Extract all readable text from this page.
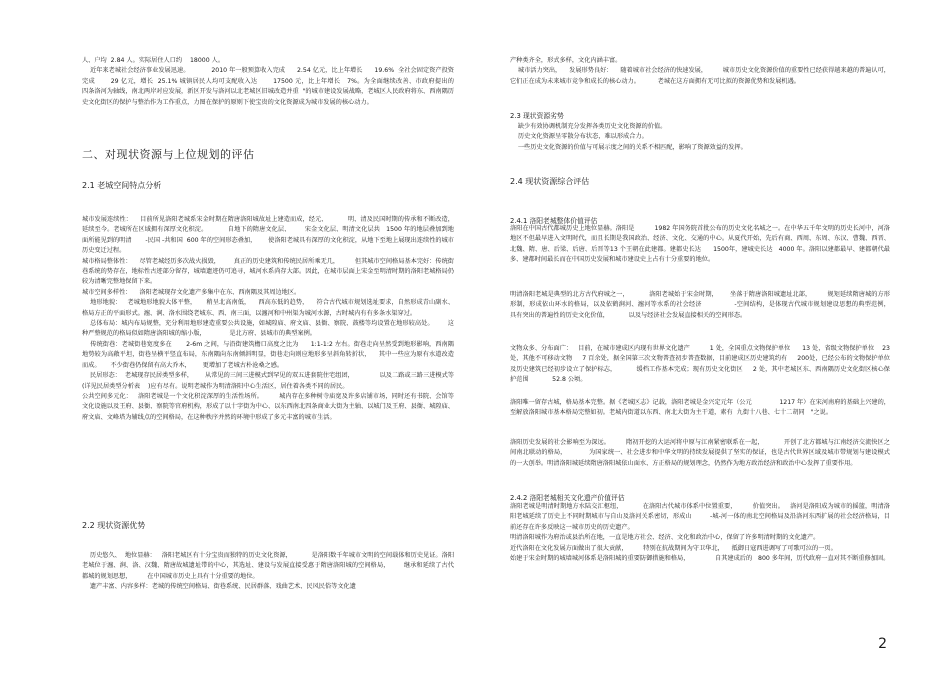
人、户均  2.84 人。实际居住人口约    18000 人。
近年来老城社会经济事业发展迅速。           2010 年一般预算收入完成      2.54 亿元，比上年增长      19.6%  全社会固定资产投资完成       29 亿元，增长  25.1% 城镇居民人均可支配收入达       17500 元，比上年增长   7%。为全面继续改善、市政府提出的          四条洛河为轴线，南北两岸对应发展，新区开发与洛河以北老城区旧城改造并重  "的城市建设发展战略，老城区人民政府将东、西南隅历史文化街区的保护与整治作为工作重点，力图在保护的原则下使宝贵的文化资源成为城市发展的核心动力。

二、对现状资源与上位规划的评估
2.1 老城空间特点分析

城市发展连续性：    目前所见洛阳老城系宋金时期在隋唐洛阳城故址上建造而成，经元、          明、清及民国时期的传承和不断改造，      延续至今。老城所在区域拥有深厚文化积淀。          自地下的隋唐文化层、       宋金文化层、明清文化层共   1500 年的地层叠加到地面所能见到的明清       -民国 -共和国  600 年的空间形态叠加，      使洛阳老城具有深厚的文化积淀，从地下至地上展现出连续性的城市历史变迁过程。
城市格局整体性：    尽管老城经历多次战火损毁，       真正的历史建筑和传统民居所乘无几，        但其城市空间格局基本完好：传统街巷系统的势存在，地标性古迹部分留存，城墙遗迹仍可追寻，城河水系尚存大部。因此，在城市层面上宋金至明清时期的洛阳老城格局仍较为清晰完整地保留下来。
城市空间多样性：    洛阳老城现存文化遗产多集中在东、西南隅及其周边地区。
地形地貌：   老城地形地貌大体平整，     稍呈北高南低，    西高东低的趋势，    符合古代城市规划选址要求，自然形成青山副水、格局方正的平面形式。瀍、涧、洛水围绕老城东、西、南三面，以瀍河和中州渠为城河水源，古时城内有有多条水渠穿过。
总体布局：城内布局规整，充分利用地形建造重要公共设施，如城隍庙、府文庙、县衙、察院、鼓楼等均设置在地形较高处。       这种严整规范的格局似如隋唐洛阳城的缩小版，            是北方府、县城市的典型案例。
传统街巷：老城街巷宽度多在       2-6m 之间，与沿街建筑檐口高度之比为      1:1-1:2 左右。街巷走向呈然受到地形影响，西南隅地势较为高敞平坦，街巷呈横平竖直布局，东南隅向东南倾斜明显，街巷走向则应地形多呈斜角转折状，    其中一些应为原有水道改造而成。     不少街巷仍保留有高大乔木，      更增加了老城古朴沧桑之感。
民居形态：  老城现存民居类型多样，      从常见的三间三进模式到罕见的双五进套院住宅组团，             以及二路或三路三进模式等    (详见民居类型分析表    )应有尽有。说明老城作为明清洛阳中心生活区，居住着各类不同的居民。
公共空间多元化：   洛阳老城是一个文化积淀深厚的生活性场所。        城内存在多种树寺庙宽及许多店铺市场，同时还有书院、会馆等文化设施以及王府、县衙、察院等官府机构，形成了以十字街为中心、以东西南北四条商业大街为主轴、以城门及王府、县衙、城隍庙、府文庙、文峰塔为辅线点的空间格局，在这种秩序并然的环境中形成了多元丰富的城市生活。

2.2 现状资源优势

历史悠久、  地位显赫：   洛阳老城区有十分宝贵而独特的历史文化资源，          是洛阳数千年城市文明的空间载体和历史见证。洛阳老城位于瀍、涧、洛、汉魏、隋唐故城遗址带的中心，其选址、建设与发展直接受惠于隋唐洛阳城的空间格局，       继承和延续了古代都城的规划思想，        在中国城市历史上具有十分重要的地位。
遗产丰富、内容多样：老城的传统空间格局、街巷系统、民居群落、戏曲艺术、民风民俗等文化遗

产种类齐全，形式多样，文化内涵丰富。
城市活力突出，    发展形势良好：    随着城市社会经济的快速发展，        城市历史文化资源价值的重要性已经获得越来越的普遍认可，    它们正在成为未来城市竞争和成长的核心动力。         老城在这方面拥有无可比拟的资源优势和发展机遇。

2.3 现状资源劣势

缺少有效协调机制充分发挥各类历史文化资源的价值。
历史文化资源呈零散分布状态，难以形成合力。
一些历史文化资源的价值与可展示度之间的关系不相匹配，影响了资源效益的发挥。

2.4 现状资源综合评估
2.4.1 洛阳老城整体价值评估

洛阳在中国古代都城历史上地位显赫。洛阳是          1982 年国务院首批公布的历史文化名城之一。在中华五千年文明的历史长河中，河洛地区不但最早进入文明时代，而且长期是我国政治、经济、文化、交通的中心。从夏代开始，先后有商、西周、东周、东汉、曹魏、西晋、北魏、隋、唐、后梁、后唐、后晋等13 个王朝在此建都。建都史长达      1500年，建城史长达   4000 年。洛阳以建都最早、建都朝代最多、建都时间最长而在中国历史发展和城市建设史上占有十分重要的地位。

明清洛阳老城是典型的北方古代府城之一，          洛阳老城始于宋金时期，      坐落于隋唐洛阳城遗址北部，        规矩延续隋唐城的方形形制，形成依山环水的格局，以及依鹤涧河、瀍河等水系的社会经济               -空间结构，是体现古代城市规划建设思想的典型范例，           具有突出的普遍性的历史文化价值，          以及与经济社会发展直接相关的空间形态。

文物众多、分布面广：   目前，在城市建成区内现有世界文化遗产          1 处，全国重点文物保护单位      13 处，省级文物保护单位    23 处，其他不可移动文物     7 百余处，据全国第三次文物普查初步普查数据，目前建成区历史建筑约有     200处，已经公布的文物保护单位及历史建筑已经初步设立了保护标志，          缓档工作基本完成；现有历史文化街区     2 处，其中老城区东、西南隅历史文化街区核心保护范围            52.8 公顷。

洛阳唯一留存古城，格局基本完整。据《老城区志》记载，洛阳老城是金兴定元年（公元              1217 年）在宋河南府的基础上兴建的，至解放洛阳城市基本格局完整如初。老城内街道以东西、南北大街为主干道，素有  九街十八巷、七十二胡同   "之说。

洛阳历史发展的社会影响至为深远。        隋初开挖的大运河将中原与江南紧密联系在一起，          开创了北方都城与江南经济交流快区之间南北联动的格局，           为国家统一、社会进步和中华文明的持续发展提供了坚实的保证，也是古代世界区域及城市带规划与建设模式的一大创举。明清洛阳城延续隋唐洛阳城依山面水、方正格局的规划理念，仍然作为地方政治经济和政治中心发挥了重要作用。

2.4.2 洛阳老城相关文化遗产价值评估

洛阳老城是明清时期地方水陆交汇枢纽，          在洛阳古代城市体系中位置重要，        价值突出。   洛河是洛阳成为城市的摇篮，明清洛阳老城延续了历史上不同时期城市与自山及洛河关系密切，形成山         -城-河一体的南北空间格局及沿洛河东西扩展的社会经济格局，目前还存在许多反映这一城市历史的历史遗产。
明清洛阳城作为府治或县治所在地，一直是地方社会、经济、文化和政治中心，保留了许多明清时期的文化遗产。
近代洛阳在文化发展方面做出了很大贡献，        特别在抗战期间为守卫华北，    抵御日寇西进调写了可歌可泣的一页。
始建于宋金时期的城墙城河体系是洛阳城的重要防御措施和格局，             自其建成后的   800 多年间，历代政府一直对其不断重修加固。

2
